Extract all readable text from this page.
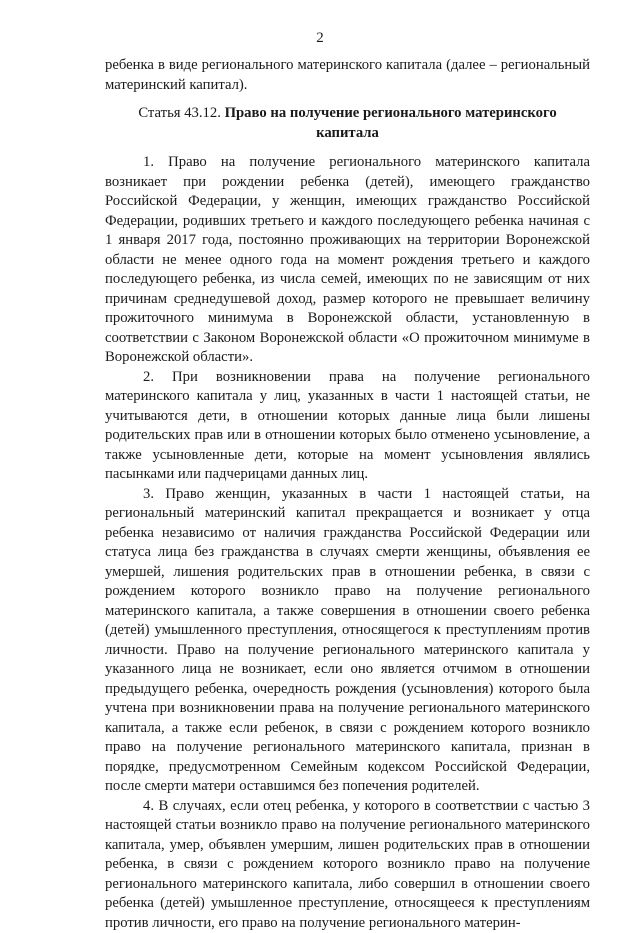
2

ребенка в виде регионального материнского капитала (далее – региональный материнский капитал).

Статья 43.12. Право на получение регионального материнского капитала

1. Право на получение регионального материнского капитала возникает при рождении ребенка (детей), имеющего гражданство Российской Федерации, у женщин, имеющих гражданство Российской Федерации, родивших третьего и каждого последующего ребенка начиная с 1 января 2017 года, постоянно проживающих на территории Воронежской области не менее одного года на момент рождения третьего и каждого последующего ребенка, из числа семей, имеющих по не зависящим от них причинам среднедушевой доход, размер которого не превышает величину прожиточного минимума в Воронежской области, установленную в соответствии с Законом Воронежской области «О прожиточном минимуме в Воронежской области».

2. При возникновении права на получение регионального материнского капитала у лиц, указанных в части 1 настоящей статьи, не учитываются дети, в отношении которых данные лица были лишены родительских прав или в отношении которых было отменено усыновление, а также усыновленные дети, которые на момент усыновления являлись пасынками или падчерицами данных лиц.

3. Право женщин, указанных в части 1 настоящей статьи, на региональный материнский капитал прекращается и возникает у отца ребенка независимо от наличия гражданства Российской Федерации или статуса лица без гражданства в случаях смерти женщины, объявления ее умершей, лишения родительских прав в отношении ребенка, в связи с рождением которого возникло право на получение регионального материнского капитала, а также совершения в отношении своего ребенка (детей) умышленного преступления, относящегося к преступлениям против личности. Право на получение регионального материнского капитала у указанного лица не возникает, если оно является отчимом в отношении предыдущего ребенка, очередность рождения (усыновления) которого была учтена при возникновении права на получение регионального материнского капитала, а также если ребенок, в связи с рождением которого возникло право на получение регионального материнского капитала, признан в порядке, предусмотренном Семейным кодексом Российской Федерации, после смерти матери оставшимся без попечения родителей.

4. В случаях, если отец ребенка, у которого в соответствии с частью 3 настоящей статьи возникло право на получение регионального материнского капитала, умер, объявлен умершим, лишен родительских прав в отношении ребенка, в связи с рождением которого возникло право на получение регионального материнского капитала, либо совершил в отношении своего ребенка (детей) умышленное преступление, относящееся к преступлениям против личности, его право на получение регионального материн-
